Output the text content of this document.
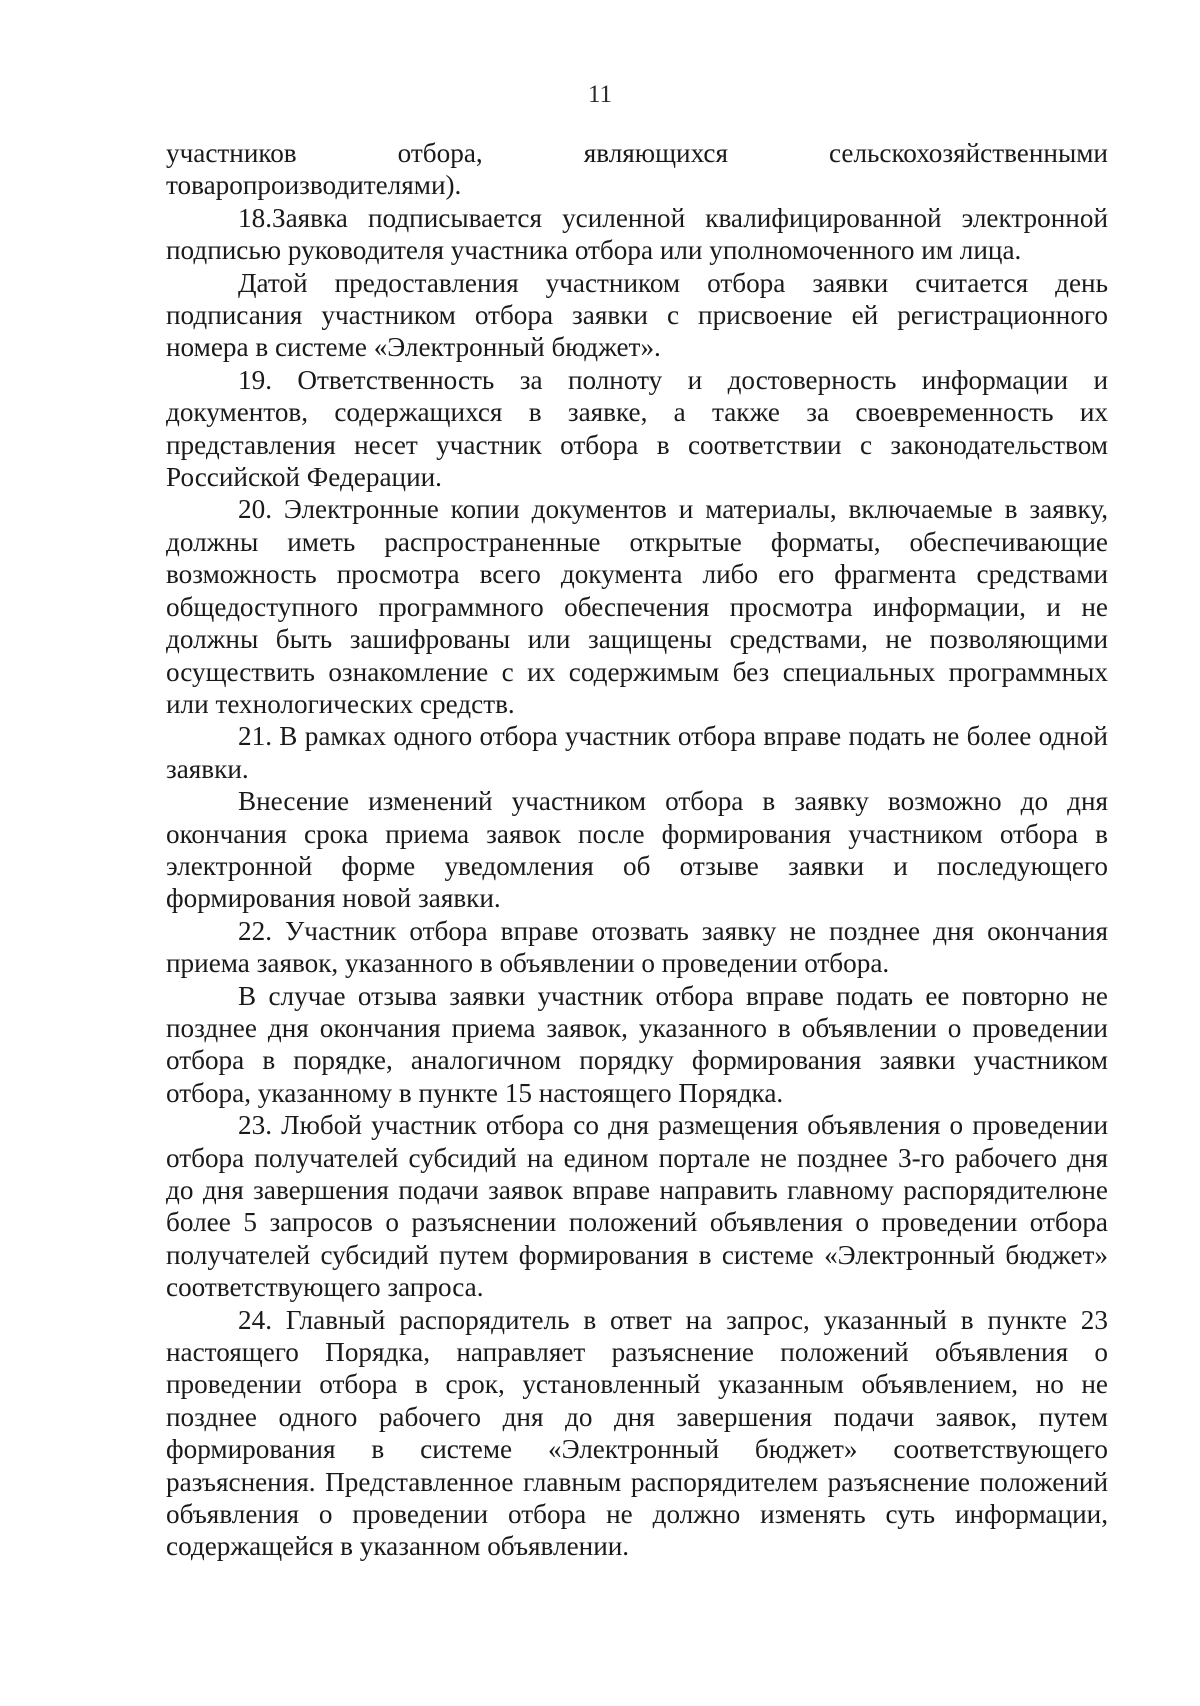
11

участников отбора, являющихся сельскохозяйственными товаропроизводителями).

18.Заявка подписывается усиленной квалифицированной электронной подписью руководителя участника отбора или уполномоченного им лица.

Датой предоставления участником отбора заявки считается день подписания участником отбора заявки с присвоение ей регистрационного номера в системе «Электронный бюджет».

19. Ответственность за полноту и достоверность информации и документов, содержащихся в заявке, а также за своевременность их представления несет участник отбора в соответствии с законодательством Российской Федерации.

20. Электронные копии документов и материалы, включаемые в заявку, должны иметь распространенные открытые форматы, обеспечивающие возможность просмотра всего документа либо его фрагмента средствами общедоступного программного обеспечения просмотра информации, и не должны быть зашифрованы или защищены средствами, не позволяющими осуществить ознакомление с их содержимым без специальных программных или технологических средств.

21. В рамках одного отбора участник отбора вправе подать не более одной заявки.

Внесение изменений участником отбора в заявку возможно до дня окончания срока приема заявок после формирования участником отбора в электронной форме уведомления об отзыве заявки и последующего формирования новой заявки.

22. Участник отбора вправе отозвать заявку не позднее дня окончания приема заявок, указанного в объявлении о проведении отбора.

В случае отзыва заявки участник отбора вправе подать ее повторно не позднее дня окончания приема заявок, указанного в объявлении о проведении отбора в порядке, аналогичном порядку формирования заявки участником отбора, указанному в пункте 15 настоящего Порядка.

23. Любой участник отбора со дня размещения объявления о проведении отбора получателей субсидий на едином портале не позднее 3-го рабочего дня до дня завершения подачи заявок вправе направить главному распорядителюне более 5 запросов о разъяснении положений объявления о проведении отбора получателей субсидий путем формирования в системе «Электронный бюджет» соответствующего запроса.

24. Главный распорядитель в ответ на запрос, указанный в пункте 23 настоящего Порядка, направляет разъяснение положений объявления о проведении отбора в срок, установленный указанным объявлением, но не позднее одного рабочего дня до дня завершения подачи заявок, путем формирования в системе «Электронный бюджет» соответствующего разъяснения. Представленное главным распорядителем разъяснение положений объявления о проведении отбора не должно изменять суть информации, содержащейся в указанном объявлении.
